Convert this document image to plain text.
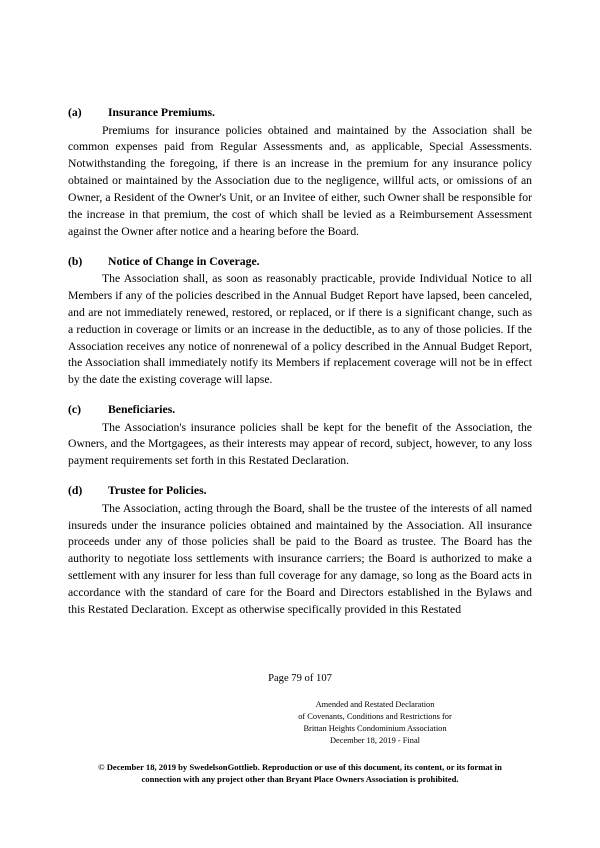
(a) Insurance Premiums.
Premiums for insurance policies obtained and maintained by the Association shall be common expenses paid from Regular Assessments and, as applicable, Special Assessments. Notwithstanding the foregoing, if there is an increase in the premium for any insurance policy obtained or maintained by the Association due to the negligence, willful acts, or omissions of an Owner, a Resident of the Owner's Unit, or an Invitee of either, such Owner shall be responsible for the increase in that premium, the cost of which shall be levied as a Reimbursement Assessment against the Owner after notice and a hearing before the Board.
(b) Notice of Change in Coverage.
The Association shall, as soon as reasonably practicable, provide Individual Notice to all Members if any of the policies described in the Annual Budget Report have lapsed, been canceled, and are not immediately renewed, restored, or replaced, or if there is a significant change, such as a reduction in coverage or limits or an increase in the deductible, as to any of those policies. If the Association receives any notice of nonrenewal of a policy described in the Annual Budget Report, the Association shall immediately notify its Members if replacement coverage will not be in effect by the date the existing coverage will lapse.
(c) Beneficiaries.
The Association's insurance policies shall be kept for the benefit of the Association, the Owners, and the Mortgagees, as their interests may appear of record, subject, however, to any loss payment requirements set forth in this Restated Declaration.
(d) Trustee for Policies.
The Association, acting through the Board, shall be the trustee of the interests of all named insureds under the insurance policies obtained and maintained by the Association. All insurance proceeds under any of those policies shall be paid to the Board as trustee. The Board has the authority to negotiate loss settlements with insurance carriers; the Board is authorized to make a settlement with any insurer for less than full coverage for any damage, so long as the Board acts in accordance with the standard of care for the Board and Directors established in the Bylaws and this Restated Declaration. Except as otherwise specifically provided in this Restated
Page 79 of 107
Amended and Restated Declaration
of Covenants, Conditions and Restrictions for
Brittan Heights Condominium Association
December 18, 2019 - Final
© December 18, 2019 by SwedelsonGottlieb. Reproduction or use of this document, its content, or its format in
connection with any project other than Bryant Place Owners Association is prohibited.
